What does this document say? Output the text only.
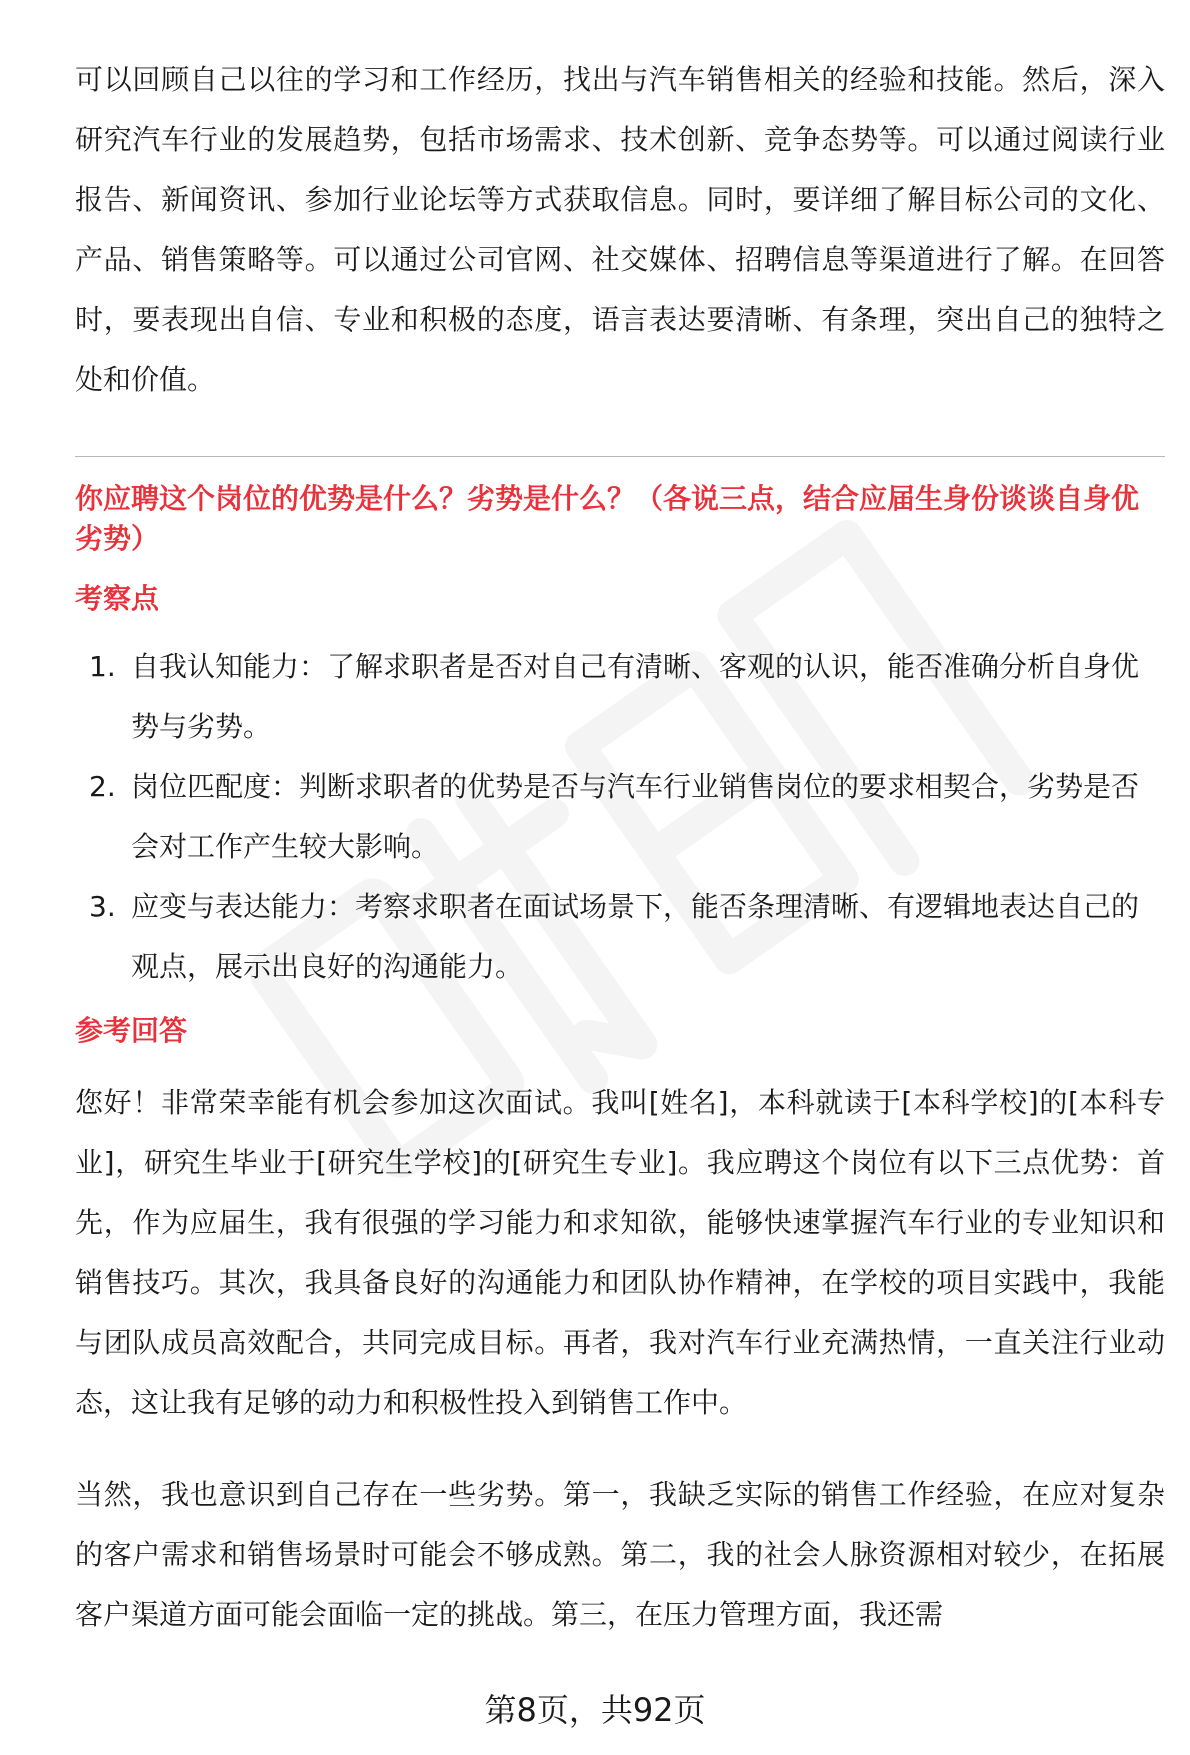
可以回顾自己以往的学习和工作经历，找出与汽车销售相关的经验和技能。然后，深入研究汽车行业的发展趋势，包括市场需求、技术创新、竞争态势等。可以通过阅读行业报告、新闻资讯、参加行业论坛等方式获取信息。同时，要详细了解目标公司的文化、产品、销售策略等。可以通过公司官网、社交媒体、招聘信息等渠道进行了解。在回答时，要表现出自信、专业和积极的态度，语言表达要清晰、有条理，突出自己的独特之处和价值。

你应聘这个岗位的优势是什么？劣势是什么？（各说三点，结合应届生身份谈谈自身优劣势）

考察点
1. 自我认知能力：了解求职者是否对自己有清晰、客观的认识，能否准确分析自身优势与劣势。
2. 岗位匹配度：判断求职者的优势是否与汽车行业销售岗位的要求相契合，劣势是否会对工作产生较大影响。
3. 应变与表达能力：考察求职者在面试场景下，能否条理清晰、有逻辑地表达自己的观点，展示出良好的沟通能力。
参考回答

您好！非常荣幸能有机会参加这次面试。我叫[姓名]，本科就读于[本科学校]的[本科专业]，研究生毕业于[研究生学校]的[研究生专业]。我应聘这个岗位有以下三点优势：首先，作为应届生，我有很强的学习能力和求知欲，能够快速掌握汽车行业的专业知识和销售技巧。其次，我具备良好的沟通能力和团队协作精神，在学校的项目实践中，我能与团队成员高效配合，共同完成目标。再者，我对汽车行业充满热情，一直关注行业动态，这让我有足够的动力和积极性投入到销售工作中。

当然，我也意识到自己存在一些劣势。第一，我缺乏实际的销售工作经验，在应对复杂的客户需求和销售场景时可能会不够成熟。第二，我的社会人脉资源相对较少，在拓展客户渠道方面可能会面临一定的挑战。第三，在压力管理方面，我还需

第8页，共92页
